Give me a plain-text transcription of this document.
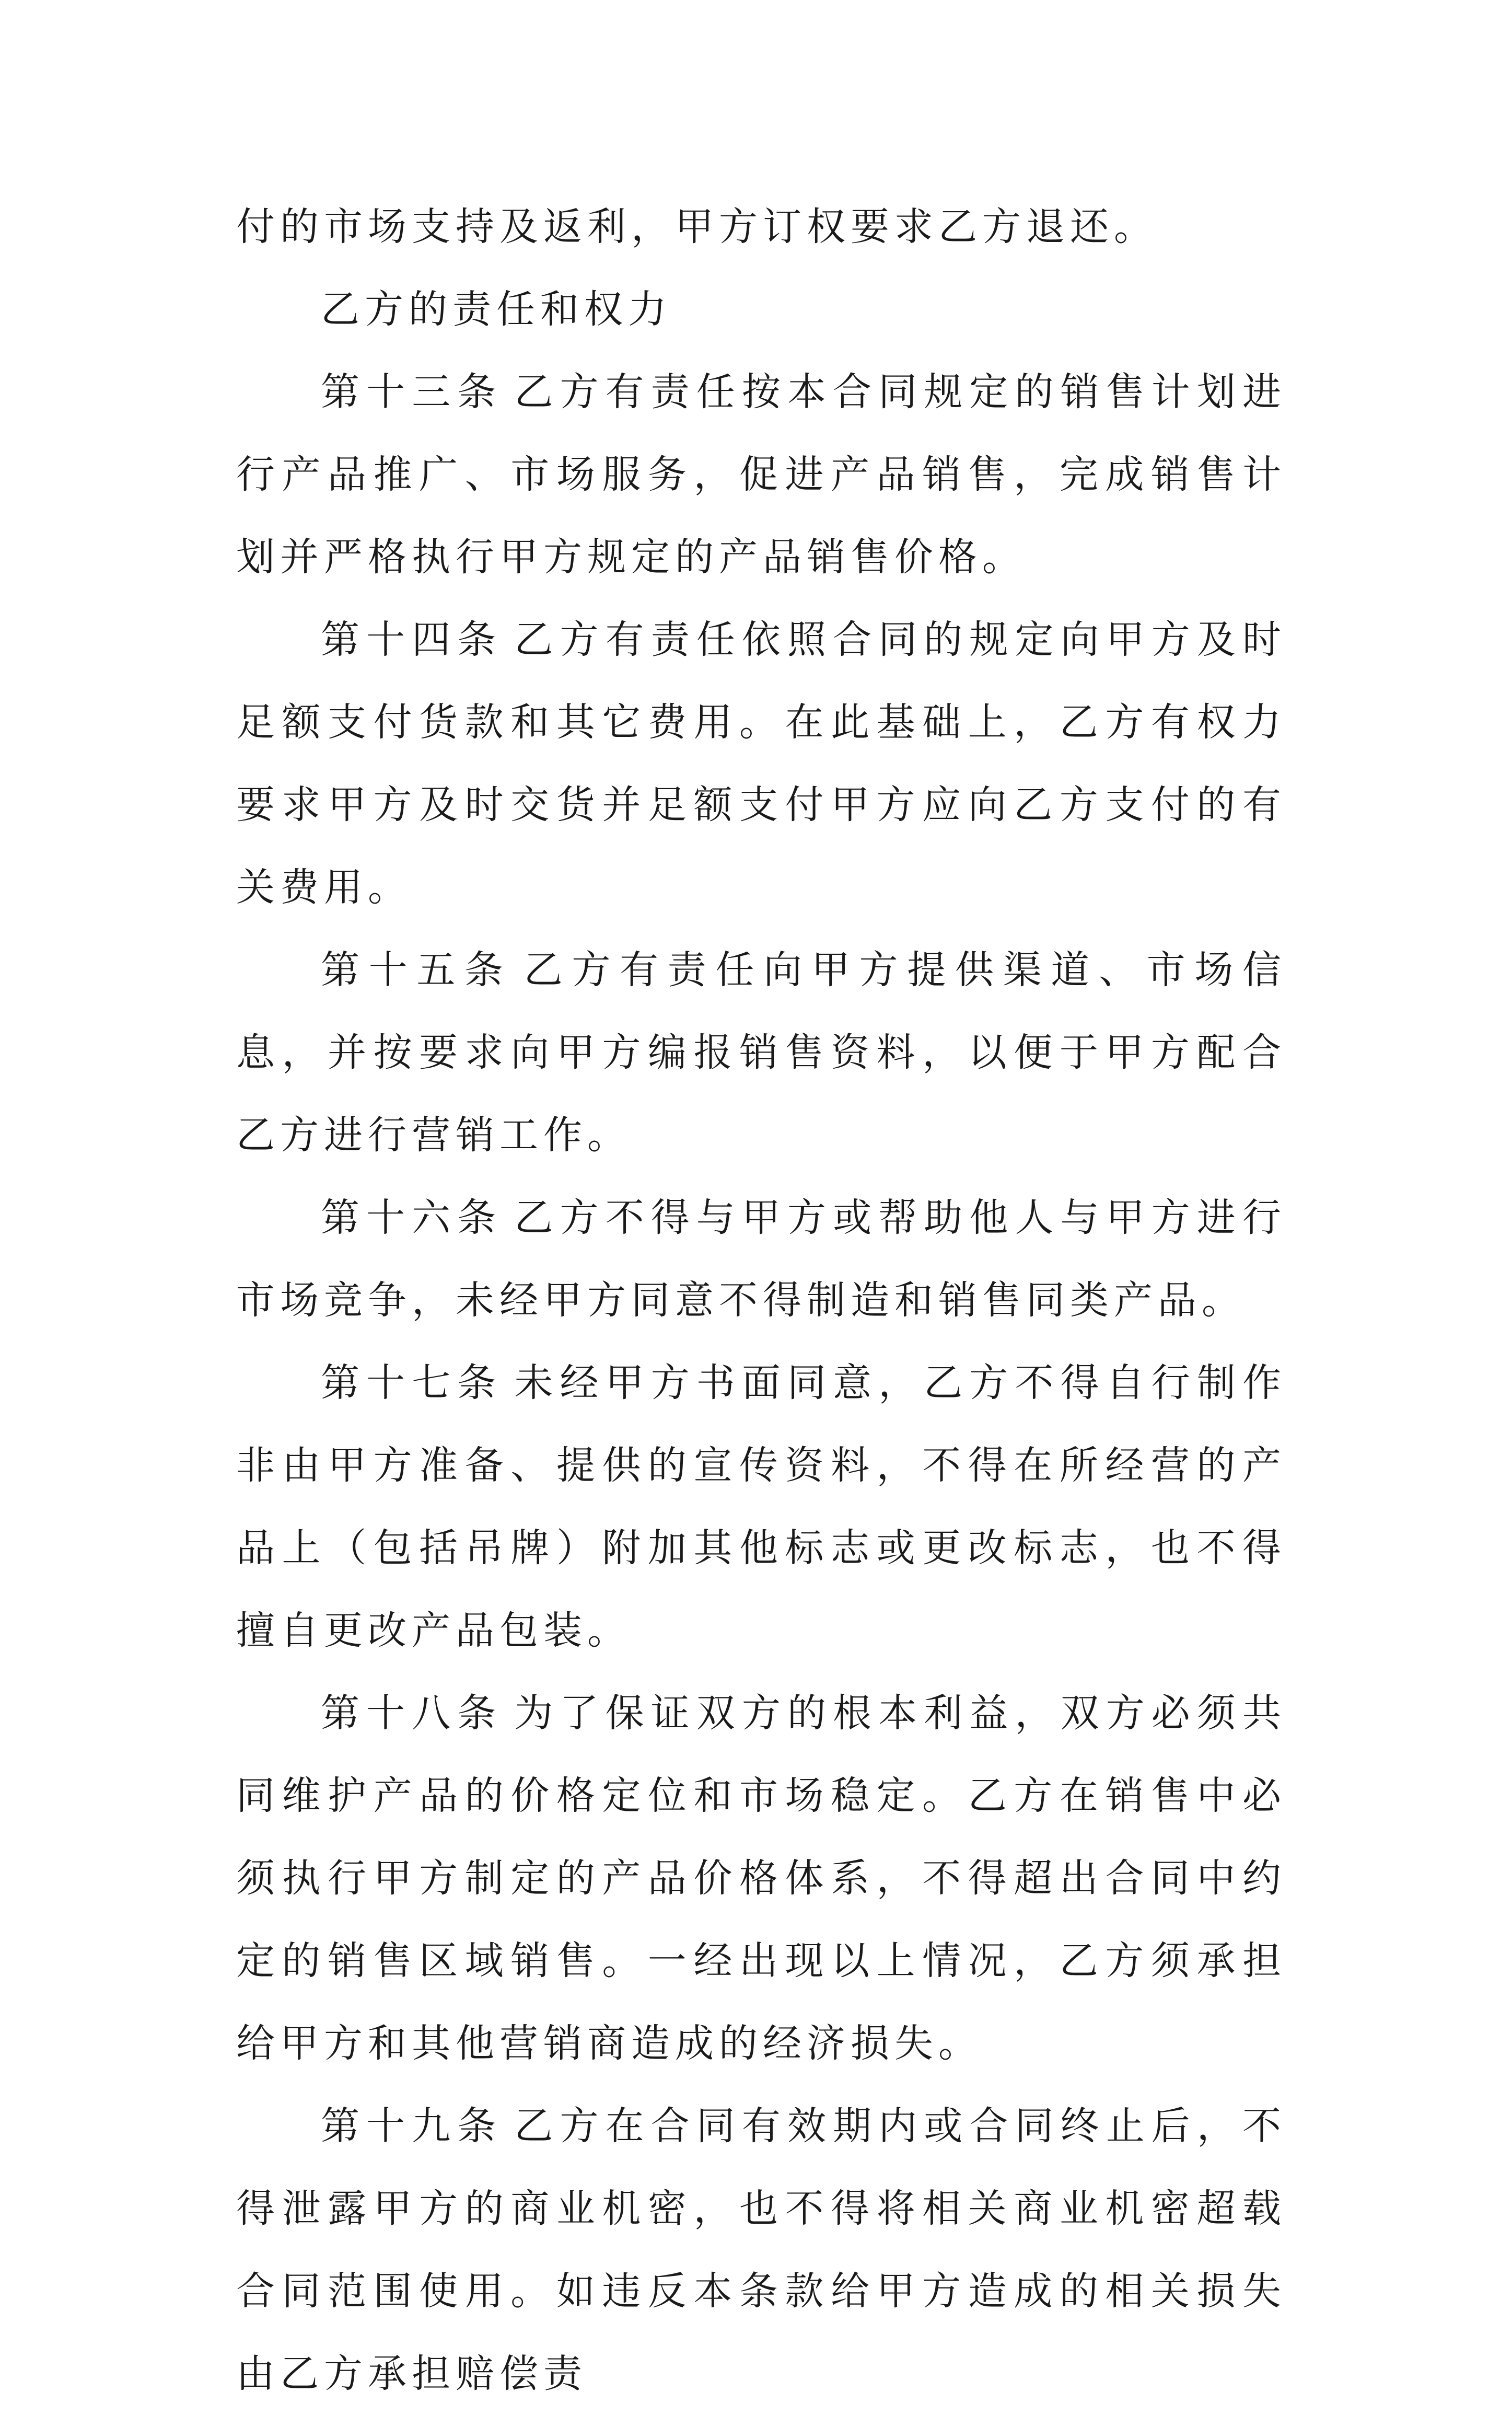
付的市场支持及返利，甲方订权要求乙方退还。

乙方的责任和权力

第十三条 乙方有责任按本合同规定的销售计划进行产品推广、市场服务，促进产品销售，完成销售计划并严格执行甲方规定的产品销售价格。

第十四条 乙方有责任依照合同的规定向甲方及时足额支付货款和其它费用。在此基础上，乙方有权力要求甲方及时交货并足额支付甲方应向乙方支付的有关费用。

第十五条 乙方有责任向甲方提供渠道、市场信息，并按要求向甲方编报销售资料，以便于甲方配合乙方进行营销工作。

第十六条 乙方不得与甲方或帮助他人与甲方进行市场竞争，未经甲方同意不得制造和销售同类产品。

第十七条 未经甲方书面同意，乙方不得自行制作非由甲方准备、提供的宣传资料，不得在所经营的产品上（包括吊牌）附加其他标志或更改标志，也不得擅自更改产品包装。

第十八条 为了保证双方的根本利益，双方必须共同维护产品的价格定位和市场稳定。乙方在销售中必须执行甲方制定的产品价格体系，不得超出合同中约定的销售区域销售。一经出现以上情况，乙方须承担给甲方和其他营销商造成的经济损失。

第十九条 乙方在合同有效期内或合同终止后，不得泄露甲方的商业机密，也不得将相关商业机密超载合同范围使用。如违反本条款给甲方造成的相关损失由乙方承担赔偿责
